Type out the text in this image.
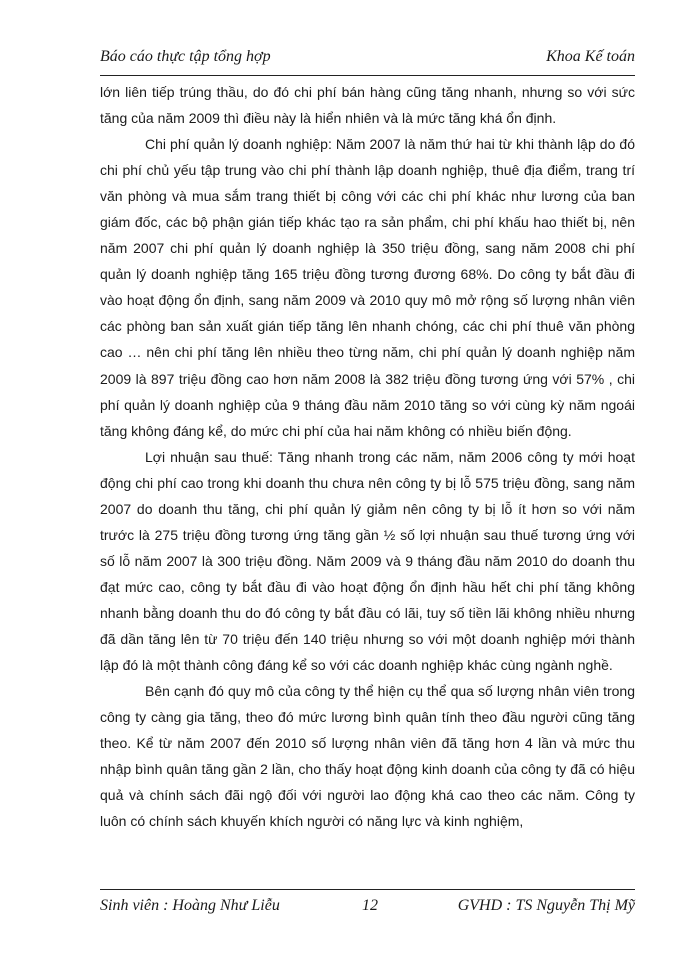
Báo cáo thực tập tổng hợp	Khoa Kế toán

lớn liên tiếp trúng thầu, do đó chi phí bán hàng cũng tăng nhanh, nhưng so với sức tăng của năm 2009 thì điều này là hiển nhiên và là mức tăng khá ổn định.

Chi phí quản lý doanh nghiệp: Năm 2007 là năm thứ hai từ khi thành lập do đó chi phí chủ yếu tập trung vào chi phí thành lập doanh nghiệp, thuê địa điểm, trang trí văn phòng và mua sắm trang thiết bị công với các chi phí khác như lương của ban giám đốc, các bộ phận gián tiếp khác tạo ra sản phẩm, chi phí khấu hao thiết bị, nên năm 2007 chi phí quản lý doanh nghiệp là 350 triệu đồng, sang năm 2008 chi phí quản lý doanh nghiệp tăng 165 triệu đồng tương đương 68%. Do công ty bắt đầu đi vào hoạt động ổn định, sang năm 2009 và 2010 quy mô mở rộng số lượng nhân viên các phòng ban sản xuất gián tiếp tăng lên nhanh chóng, các chi phí thuê văn phòng cao … nên chi phí tăng lên nhiều theo từng năm, chi phí quản lý doanh nghiệp năm 2009 là 897 triệu đồng cao hơn năm 2008 là 382 triệu đồng tương ứng với 57% , chi phí quản lý doanh nghiệp của 9 tháng đầu năm 2010 tăng so với cùng kỳ năm ngoái tăng không đáng kể, do mức chi phí của hai năm không có nhiều biến động.

Lợi nhuận sau thuế: Tăng nhanh trong các năm, năm 2006 công ty mới hoạt động chi phí cao trong khi doanh thu chưa nên công ty bị lỗ 575 triệu đồng, sang năm 2007 do doanh thu tăng, chi phí quản lý giảm nên công ty bị lỗ ít hơn so với năm trước là 275 triệu đồng tương ứng tăng gần ½ số lợi nhuận sau thuế tương ứng với số lỗ năm 2007 là 300 triệu đồng. Năm 2009 và 9 tháng đầu năm 2010 do doanh thu đạt mức cao, công ty bắt đầu đi vào hoạt động ổn định hầu hết chi phí tăng không nhanh bằng doanh thu do đó công ty bắt đầu có lãi, tuy số tiền lãi không nhiều nhưng đã dần tăng lên từ 70 triệu đến 140 triệu nhưng so với một doanh nghiệp mới thành lập đó là một thành công đáng kể so với các doanh nghiệp khác cùng ngành nghề.

Bên cạnh đó quy mô của công ty thể hiện cụ thể qua số lượng nhân viên trong công ty càng gia tăng, theo đó mức lương bình quân tính theo đầu người cũng tăng theo. Kể từ năm 2007 đến 2010 số lượng nhân viên đã tăng hơn 4 lần và mức thu nhập bình quân tăng gần 2 lần, cho thấy hoạt động kinh doanh của công ty đã có hiệu quả và chính sách đãi ngộ đối với người lao động khá cao theo các năm. Công ty luôn có chính sách khuyến khích người có năng lực và kinh nghiệm,

Sinh viên : Hoàng Như Liễu	12	GVHD : TS Nguyễn Thị Mỹ
